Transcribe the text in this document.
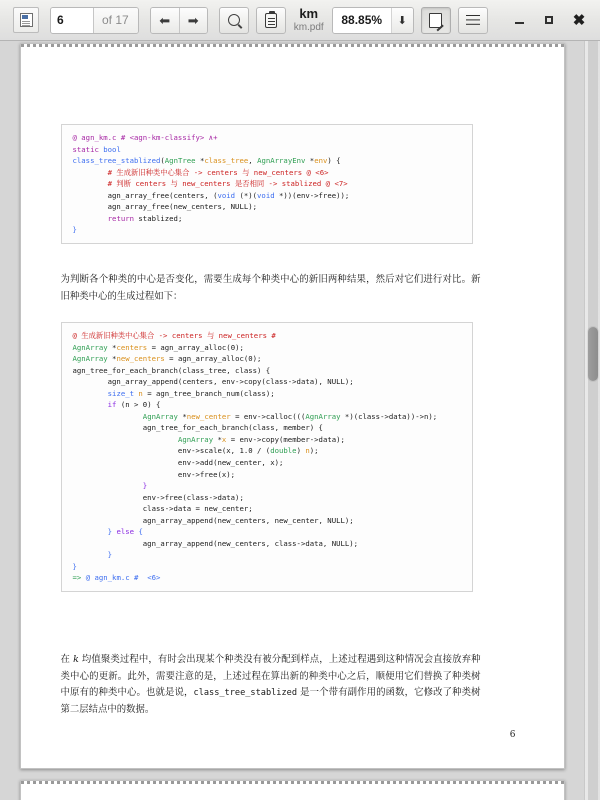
6
of 17	⬅ ➡	km
km.pdf
88.85%	⬇	✖
@ agn_km.c # <agn-km-classify> ∧+
static bool
class_tree_stablized(AgnTree *class_tree, AgnArrayEnv *env) {
# 生成新旧种类中心集合 -> centers 与 new_centers @ <6>
# 判断 centers 与 new_centers 是否相同 -> stablized @ <7>
agn_array_free(centers, (void (*)(void *))(env->free));
agn_array_free(new_centers, NULL);
return stablized;
}
为判断各个种类的中心是否变化，需要生成每个种类中心的新旧两种结果，然后对它们进行对比。新旧种类中心的生成过程如下：
@ 生成新旧种类中心集合 -> centers 与 new_centers #
AgnArray *centers = agn_array_alloc(0);
AgnArray *new_centers = agn_array_alloc(0);
agn_tree_for_each_branch(class_tree, class) {
agn_array_append(centers, env->copy(class->data), NULL);
size_t n = agn_tree_branch_num(class);
if (n > 0) {
AgnArray *new_center = env->calloc(((AgnArray *)(class->data))->n);
agn_tree_for_each_branch(class, member) {
AgnArray *x = env->copy(member->data);
env->scale(x, 1.0 / (double) n);
env->add(new_center, x);
env->free(x);
}
env->free(class->data);
class->data = new_center;
agn_array_append(new_centers, new_center, NULL);
} else {
agn_array_append(new_centers, class->data, NULL);
}
}
=> @ agn_km.c #  <6>
在 k 均值聚类过程中，有时会出现某个种类没有被分配到样点，上述过程遇到这种情况会直接放弃种类中心的更新。此外，需要注意的是，上述过程在算出新的种类中心之后，顺便用它们替换了种类树中原有的种类中心。也就是说，class_tree_stablized 是一个带有副作用的函数，它修改了种类树第二层结点中的数据。
6
